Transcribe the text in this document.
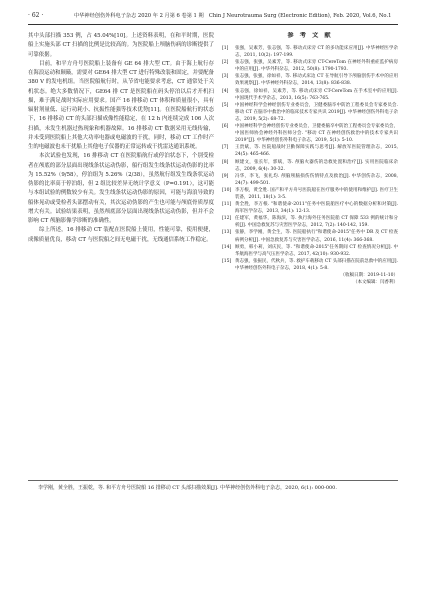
· 62 ·	中华神经创伤外科电子杂志 2020 年 2 月第 6 卷第 1 期　Chin J Neurotrauma Surg (Electronic Edition), Feb. 2020, Vol.6, No.1

其中头部扫描 353 例，占 45.04%[10]。上述资料表明，在和平时期，医院船上实施头部 CT 扫描的比例是比较高的。为医院船上颅脑伤病的诊断提供了可靠依据。

目前，和平方舟号医院船上装备有 GE 64 排大型 CT。由于海上航行存在海浪运动和颠簸，需要对 GE64 排大型 CT 进行特殊改装和固定，并要配备 380 V 的发电机组。当医院船航行时，从节省电能要求考虑，CT 通常处于关机状态。绝大多数情况下，GE64 排 CT 是医院船在码头停泊以后才开机扫描，难于满足战时实际应用要求。国产 16 排移动 CT 体积和质量很小，具有辐射剂量低、运行功耗小、抗振性能强等技术优势[11]。在医院船航行的状态下，16 排移动 CT 的头部扫描成像性能稳定，在 12 h 内连续完成 106 人次扫描，未发生机器过热现象和机器故障。16 排移动 CT 数据采用无线传输，并未受到医院船上其他大功率电器或电磁波的干扰，同时，移动 CT 工作时产生的电磁波也未干扰船上其他电子仪器的正常运转或干扰雷达通讯系统。

本次试验也发现，16 排移动 CT 在医院船航行或停泊状态下，个别受检者在颅底的部分层面出现线条状运动伪影，船行组发生线条状运动伪影的比率为 15.52%（9/58），停泊组为 5.26%（2/38），虽然航行组发生线条状运动伪影的比率高于停泊组，但 2 组比较差异无统计学意义（P=0.191），这可能与本组试验的例数较少有关。发生线条状运动伪影的原因，可能与海浪导致的船体晃动或受检者头部摆动有关，其次运动伪影的产生也可能与颅底骨质厚度增大有关。试验结果表明，虽然颅底部分层面出现线条状运动伪影，但并不会影响 CT 颅脑影像学诊断的准确性。

综上所述，16 排移动 CT 装配在医院船上使用，性能可靠，使用便捷，成像质量优良，移动 CT 与医院船之间无电磁干扰，无线通信系统工作稳定。

参 考 文 献
[1]	张强，吴素芳，张志强，等. 移动式床旁 CT 的多功能床应用[J]. 中华神经医学杂志，2011, 10(2): 197-199.
[2]	张志强，张强，吴素芳，等. 移动式床旁 CT-CereTom 在神经外科重症监护病房中的应用[J]. 中华外科杂志，2012, 50(8): 1790-1793.
[3]	张志强，张强，徐如祥，等. 移动式床边 CT 在导航引导下颅脑创伤手术中的应用效果观察[J]. 中华神经外科杂志，2014, 13(8): 836-838.
[4]	张志强，徐如祥，吴素芳，等. 移动式床旁 CT-CereTom 在手术室中的应用[J]. 中国现代手术学杂志，2013, 16(5): 763-765.
[5]	中国神经科学会神经创伤专业委员会，卫健委脑卒中防治工程委员会专家委员会. 移动 CT 在脑卒中救治中的临床技术专家共识 2019[J]. 中华神经创伤外科电子杂志，2019, 5(2): 68-72.
[6]	中国神经科学会神经创伤专业委员会，卫健委脑卒中防治工程委员会专家委员会，中国医师协会神经外科医师分会. "移动 CT 在神经创伤救治中的技术专家共识 2019"[J]. 中华神经创伤外科电子杂志，2019, 5(1): 5-10.
[7]	王贵斌，等. 医院船战时卫勤保障实践与思考[J]. 解放军医院管理杂志，2015, 24(5): 465-466.
[8]	顾建文，张长年，郭斌，等. 颅脑火器伤的急救处置和治疗[J]. 实用医院临床杂志，2009, 6(4): 30-32.
[9]	冯华，李飞，张礼均. 颅脑颅脑损伤伤情特点及救治[J]. 中华创伤杂志，2008, 24(7): 499-501.
[10] 李万根，黄全胜. 国产和平方舟号医院船在医疗服务中的使用和维护[J]. 医疗卫生装备，2011, 18(1): 3-5.
[11] 黄全胜，李万根. "和谐使命-2011"任务中医院船医疗中心的数据分析和对策[J]. 海军医学杂志，2013, 34(1): 12-13.
[12] 任建军，黄福华，陈海滨，等. 执行海外任务医院船 CT 保障 533 例的统计和分析[J]. 中国急救复苏与灾害医学杂志，2012, 7(2): 140-142, 159.
[13] 张静，李学刚，黄全生，等. 医院船执行"和谐使命-2015"任务中 DR 及 CT 检查病例分析[J]. 中国急救复苏与灾害医学杂志，2016, 11(4): 366-368.
[14] 顾勇，韩小莉，刘庆民，等. "和谐使命-2015"任务期间 CT 检查情况分析[J]. 中华航海医学与高气压医学杂志，2017, 42(10): 930-932.
[15] 黄志强，张振民，代秋兵，等. 救护车载移动 CT 头部扫描在院前急救中的应用[J]. 中华神经创伤外科电子杂志，2018, 4(1): 5-8.

（收稿日期：2019-11-10）

（本文编辑：闫香利）

李学刚，黄全胜，王振乾，等. 和平方舟号医院船 16 排移动 CT 头部扫描效果[J]. 中华神经创伤外科电子杂志，2020, 6(1): 000-000.
